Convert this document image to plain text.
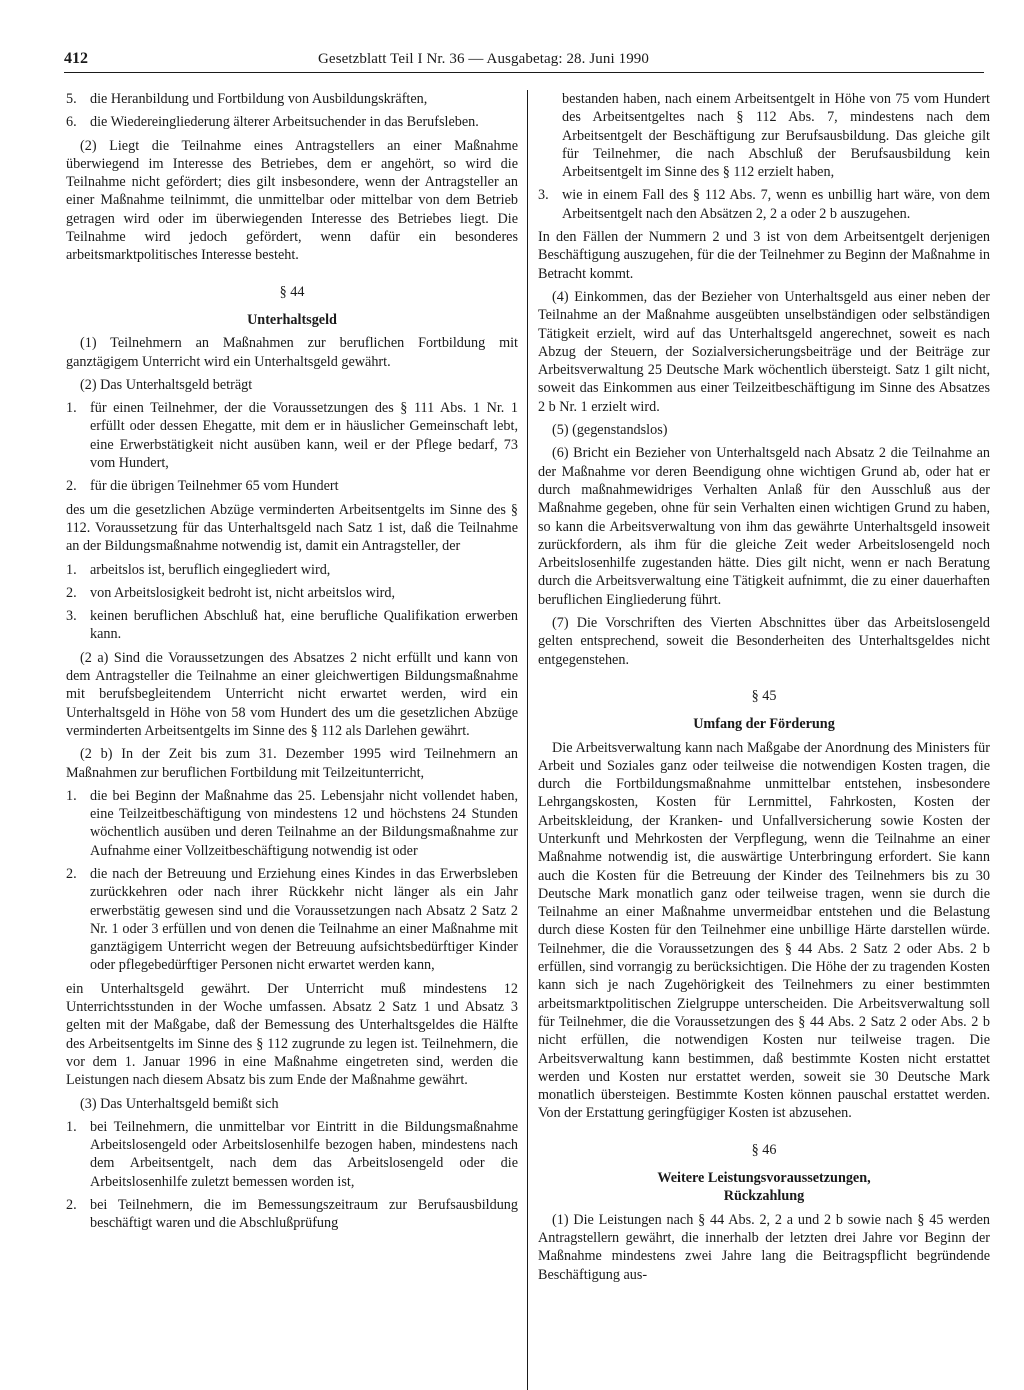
412	Gesetzblatt Teil I Nr. 36 — Ausgabetag: 28. Juni 1990
5. die Heranbildung und Fortbildung von Ausbildungskräften,
6. die Wiedereingliederung älterer Arbeitsuchender in das Berufsleben.

(2) Liegt die Teilnahme eines Antragstellers an einer Maßnahme überwiegend im Interesse des Betriebes, dem er angehört, so wird die Teilnahme nicht gefördert; dies gilt insbesondere, wenn der Antragsteller an einer Maßnahme teilnimmt, die unmittelbar oder mittelbar von dem Betrieb getragen wird oder im überwiegenden Interesse des Betriebes liegt. Die Teilnahme wird jedoch gefördert, wenn dafür ein besonderes arbeitsmarktpolitisches Interesse besteht.

§ 44

Unterhaltsgeld

(1) Teilnehmern an Maßnahmen zur beruflichen Fortbildung mit ganztägigem Unterricht wird ein Unterhaltsgeld gewährt.

(2) Das Unterhaltsgeld beträgt

1. für einen Teilnehmer, der die Voraussetzungen des § 111 Abs. 1 Nr. 1 erfüllt oder dessen Ehegatte, mit dem er in häuslicher Gemeinschaft lebt, eine Erwerbstätigkeit nicht ausüben kann, weil er der Pflege bedarf, 73 vom Hundert,
2. für die übrigen Teilnehmer 65 vom Hundert

des um die gesetzlichen Abzüge verminderten Arbeitsentgelts im Sinne des § 112. Voraussetzung für das Unterhaltsgeld nach Satz 1 ist, daß die Teilnahme an der Bildungsmaßnahme notwendig ist, damit ein Antragsteller, der

1. arbeitslos ist, beruflich eingegliedert wird,
2. von Arbeitslosigkeit bedroht ist, nicht arbeitslos wird,
3. keinen beruflichen Abschluß hat, eine berufliche Qualifikation erwerben kann.

(2 a) Sind die Voraussetzungen des Absatzes 2 nicht erfüllt und kann von dem Antragsteller die Teilnahme an einer gleichwertigen Bildungsmaßnahme mit berufsbegleitendem Unterricht nicht erwartet werden, wird ein Unterhaltsgeld in Höhe von 58 vom Hundert des um die gesetzlichen Abzüge verminderten Arbeitsentgelts im Sinne des § 112 als Darlehen gewährt.

(2 b) In der Zeit bis zum 31. Dezember 1995 wird Teilnehmern an Maßnahmen zur beruflichen Fortbildung mit Teilzeitunterricht,

1. die bei Beginn der Maßnahme das 25. Lebensjahr nicht vollendet haben, eine Teilzeitbeschäftigung von mindestens 12 und höchstens 24 Stunden wöchentlich ausüben und deren Teilnahme an der Bildungsmaßnahme zur Aufnahme einer Vollzeitbeschäftigung notwendig ist oder
2. die nach der Betreuung und Erziehung eines Kindes in das Erwerbsleben zurückkehren oder nach ihrer Rückkehr nicht länger als ein Jahr erwerbstätig gewesen sind und die Voraussetzungen nach Absatz 2 Satz 2 Nr. 1 oder 3 erfüllen und von denen die Teilnahme an einer Maßnahme mit ganztägigem Unterricht wegen der Betreuung aufsichtsbedürftiger Kinder oder pflegebedürftiger Personen nicht erwartet werden kann,

ein Unterhaltsgeld gewährt. Der Unterricht muß mindestens 12 Unterrichtsstunden in der Woche umfassen. Absatz 2 Satz 1 und Absatz 3 gelten mit der Maßgabe, daß der Bemessung des Unterhaltsgeldes die Hälfte des Arbeitsentgelts im Sinne des § 112 zugrunde zu legen ist. Teilnehmern, die vor dem 1. Januar 1996 in eine Maßnahme eingetreten sind, werden die Leistungen nach diesem Absatz bis zum Ende der Maßnahme gewährt.

(3) Das Unterhaltsgeld bemißt sich

1. bei Teilnehmern, die unmittelbar vor Eintritt in die Bildungsmaßnahme Arbeitslosengeld oder Arbeitslosenhilfe bezogen haben, mindestens nach dem Arbeitsentgelt, nach dem das Arbeitslosengeld oder die Arbeitslosenhilfe zuletzt bemessen worden ist,
2. bei Teilnehmern, die im Bemessungszeitraum zur Berufsausbildung beschäftigt waren und die Abschlußprüfung
bestanden haben, nach einem Arbeitsentgelt in Höhe von 75 vom Hundert des Arbeitsentgeltes nach § 112 Abs. 7, mindestens nach dem Arbeitsentgelt der Beschäftigung zur Berufsausbildung. Das gleiche gilt für Teilnehmer, die nach Abschluß der Berufsausbildung kein Arbeitsentgelt im Sinne des § 112 erzielt haben,
3. wie in einem Fall des § 112 Abs. 7, wenn es unbillig hart wäre, von dem Arbeitsentgelt nach den Absätzen 2, 2 a oder 2 b auszugehen.

In den Fällen der Nummern 2 und 3 ist von dem Arbeitsentgelt derjenigen Beschäftigung auszugehen, für die der Teilnehmer zu Beginn der Maßnahme in Betracht kommt.

(4) Einkommen, das der Bezieher von Unterhaltsgeld aus einer neben der Teilnahme an der Maßnahme ausgeübten unselbständigen oder selbständigen Tätigkeit erzielt, wird auf das Unterhaltsgeld angerechnet, soweit es nach Abzug der Steuern, der Sozialversicherungsbeiträge und der Beiträge zur Arbeitsverwaltung 25 Deutsche Mark wöchentlich übersteigt. Satz 1 gilt nicht, soweit das Einkommen aus einer Teilzeitbeschäftigung im Sinne des Absatzes 2 b Nr. 1 erzielt wird.

(5) (gegenstandslos)

(6) Bricht ein Bezieher von Unterhaltsgeld nach Absatz 2 die Teilnahme an der Maßnahme vor deren Beendigung ohne wichtigen Grund ab, oder hat er durch maßnahmewidriges Verhalten Anlaß für den Ausschluß aus der Maßnahme gegeben, ohne für sein Verhalten einen wichtigen Grund zu haben, so kann die Arbeitsverwaltung von ihm das gewährte Unterhaltsgeld insoweit zurückfordern, als ihm für die gleiche Zeit weder Arbeitslosengeld noch Arbeitslosenhilfe zugestanden hätte. Dies gilt nicht, wenn er nach Beratung durch die Arbeitsverwaltung eine Tätigkeit aufnimmt, die zu einer dauerhaften beruflichen Eingliederung führt.

(7) Die Vorschriften des Vierten Abschnittes über das Arbeitslosengeld gelten entsprechend, soweit die Besonderheiten des Unterhaltsgeldes nicht entgegenstehen.

§ 45

Umfang der Förderung

Die Arbeitsverwaltung kann nach Maßgabe der Anordnung des Ministers für Arbeit und Soziales ganz oder teilweise die notwendigen Kosten tragen, die durch die Fortbildungsmaßnahme unmittelbar entstehen, insbesondere Lehrgangskosten, Kosten für Lernmittel, Fahrkosten, Kosten der Arbeitskleidung, der Kranken- und Unfallversicherung sowie Kosten der Unterkunft und Mehrkosten der Verpflegung, wenn die Teilnahme an einer Maßnahme notwendig ist, die auswärtige Unterbringung erfordert. Sie kann auch die Kosten für die Betreuung der Kinder des Teilnehmers bis zu 30 Deutsche Mark monatlich ganz oder teilweise tragen, wenn sie durch die Teilnahme an einer Maßnahme unvermeidbar entstehen und die Belastung durch diese Kosten für den Teilnehmer eine unbillige Härte darstellen würde. Teilnehmer, die die Voraussetzungen des § 44 Abs. 2 Satz 2 oder Abs. 2 b erfüllen, sind vorrangig zu berücksichtigen. Die Höhe der zu tragenden Kosten kann sich je nach Zugehörigkeit des Teilnehmers zu einer bestimmten arbeitsmarktpolitischen Zielgruppe unterscheiden. Die Arbeitsverwaltung soll für Teilnehmer, die die Voraussetzungen des § 44 Abs. 2 Satz 2 oder Abs. 2 b nicht erfüllen, die notwendigen Kosten nur teilweise tragen. Die Arbeitsverwaltung kann bestimmen, daß bestimmte Kosten nicht erstattet werden und Kosten nur erstattet werden, soweit sie 30 Deutsche Mark monatlich übersteigen. Bestimmte Kosten können pauschal erstattet werden. Von der Erstattung geringfügiger Kosten ist abzusehen.

§ 46

Weitere Leistungsvoraussetzungen,

Rückzahlung

(1) Die Leistungen nach § 44 Abs. 2, 2 a und 2 b sowie nach § 45 werden Antragstellern gewährt, die innerhalb der letzten drei Jahre vor Beginn der Maßnahme mindestens zwei Jahre lang die Beitragspflicht begründende Beschäftigung aus-
